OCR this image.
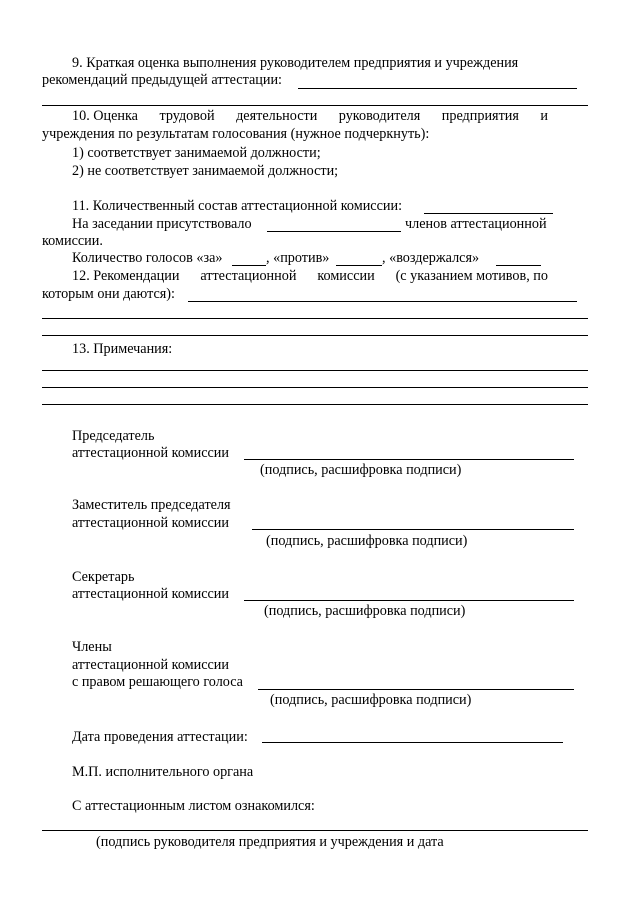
9. Краткая оценка выполнения руководителем предприятия и учреждения
рекомендаций предыдущей аттестации:
10. Оценка трудовой деятельности руководителя предприятия и
учреждения по результатам голосования (нужное подчеркнуть):
1) соответствует занимаемой должности;
2) не соответствует занимаемой должности;
11. Количественный состав аттестационной комиссии:
На заседании присутствовало	членов аттестационной
комиссии.
Количество голосов «за»	, «против»	, «воздержался»
12. Рекомендации аттестационной комиссии (с указанием мотивов, по
которым они даются):
13. Примечания:
Председатель
аттестационной комиссии
(подпись, расшифровка подписи)
Заместитель председателя
аттестационной комиссии
(подпись, расшифровка подписи)
Секретарь
аттестационной комиссии
(подпись, расшифровка подписи)
Члены
аттестационной комиссии
с правом решающего голоса
(подпись, расшифровка подписи)
Дата проведения аттестации:
М.П. исполнительного органа
С аттестационным листом ознакомился:
(подпись руководителя предприятия и учреждения и дата
